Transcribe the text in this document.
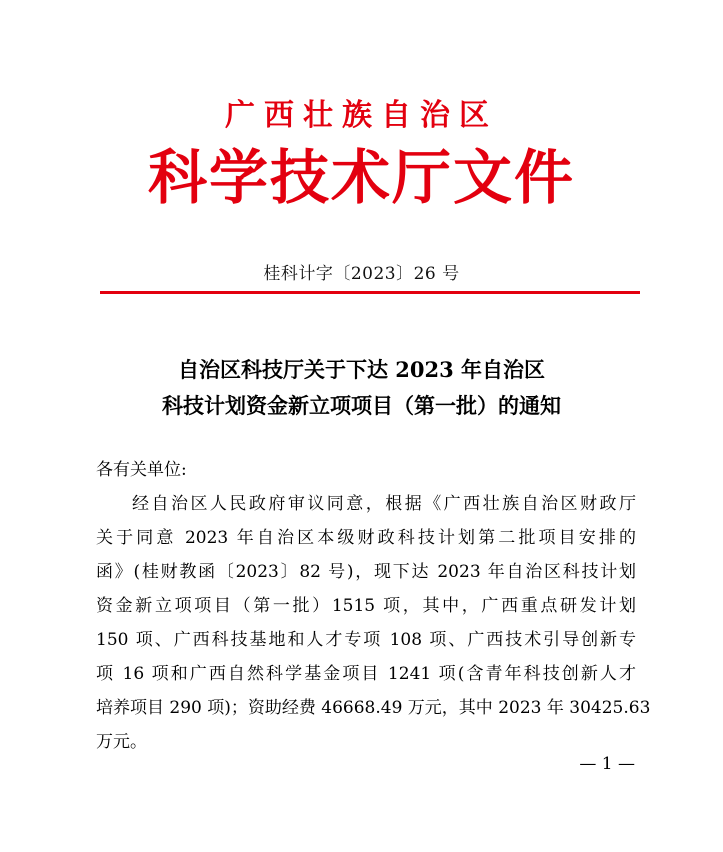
广西壮族自治区
科学技术厅文件
桂科计字〔2023〕26 号
自治区科技厅关于下达 2023 年自治区
科技计划资金新立项项目（第一批）的通知
各有关单位:
经自治区人民政府审议同意，根据《广西壮族自治区财政厅
关于同意 2023 年自治区本级财政科技计划第二批项目安排的
函》(桂财教函〔2023〕82 号)，现下达 2023 年自治区科技计划
资金新立项项目（第一批）1515 项，其中，广西重点研发计划
150 项、广西科技基地和人才专项 108 项、广西技术引导创新专
项 16 项和广西自然科学基金项目 1241 项(含青年科技创新人才
培养项目 290 项)；资助经费 46668.49 万元，其中 2023 年 30425.63
万元。
— 1 —
